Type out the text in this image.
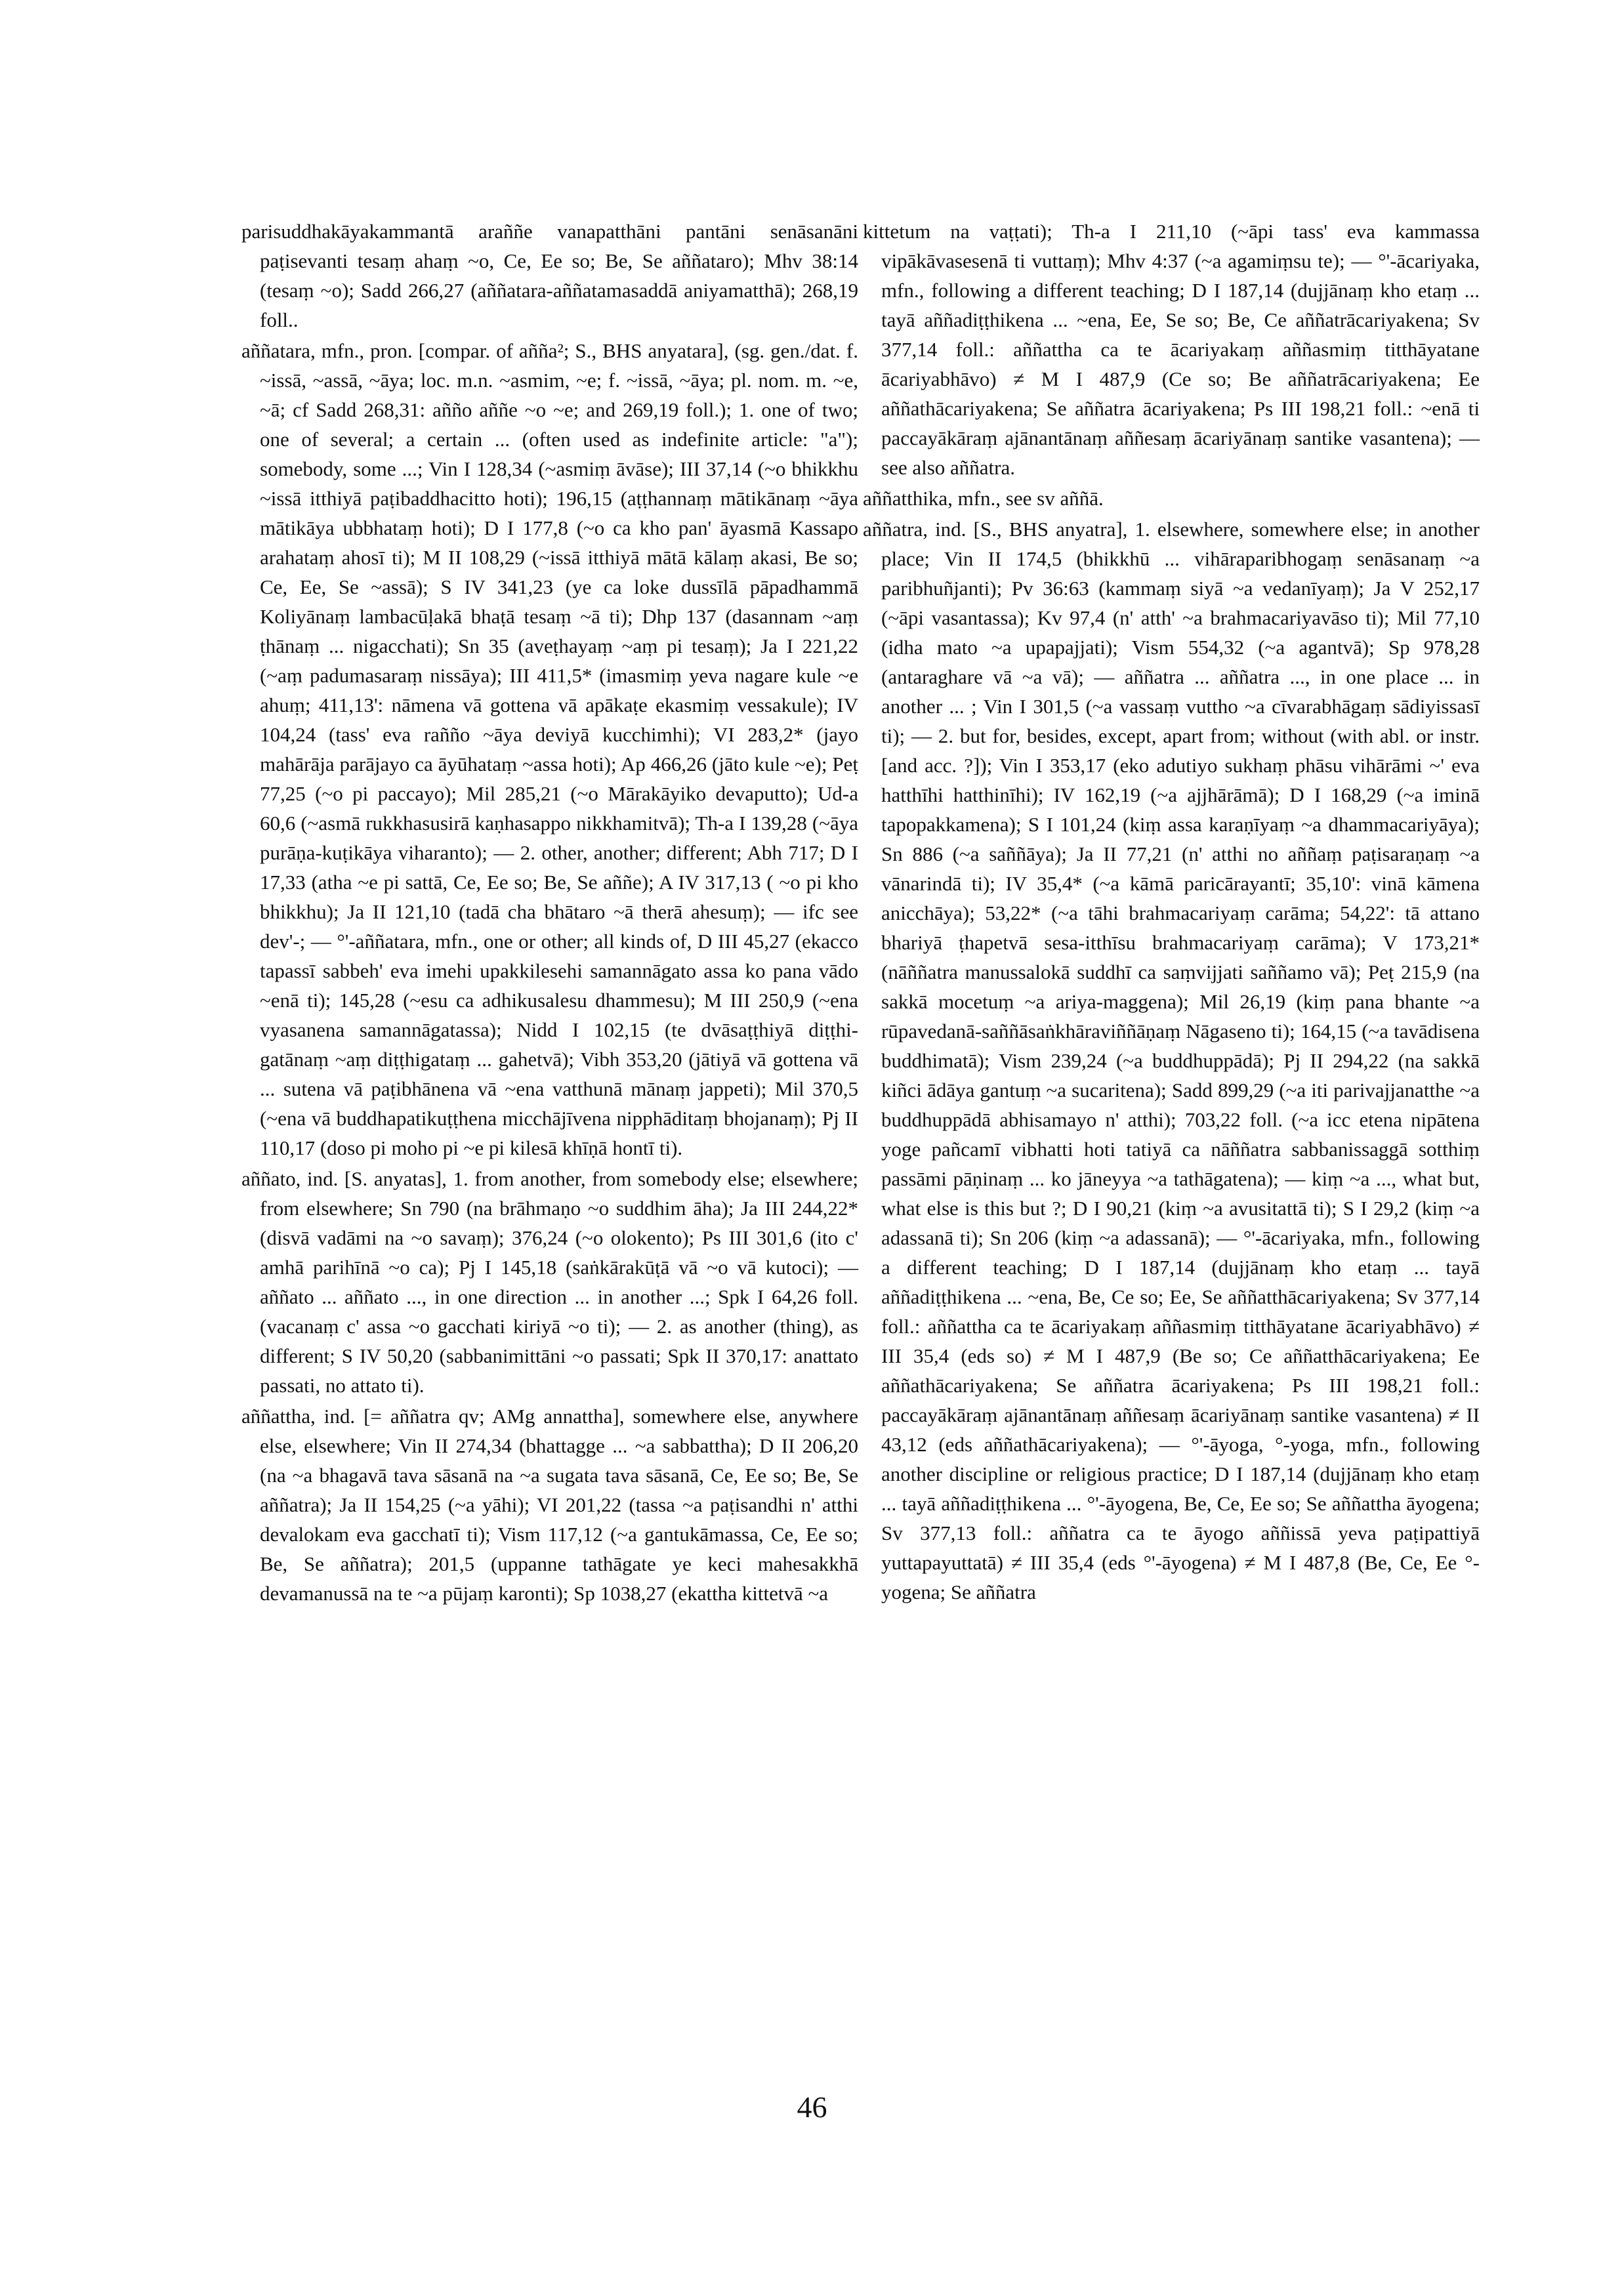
parisuddhakāyakammantā araññe vanapatthāni pantāni senāsanāni paṭisevanti tesaṃ ahaṃ ~o, Ce, Ee so; Be, Se aññataro); Mhv 38:14 (tesaṃ ~o); Sadd 266,27 (aññatara-aññatamasaddā aniyamatthā); 268,19 foll..

aññatara, mfn., pron. [compar. of añña²; S., BHS anyatara], (sg. gen./dat. f. ~issā, ~assā, ~āya; loc. m.n. ~asmim, ~e; f. ~issā, ~āya; pl. nom. m. ~e, ~ā; cf Sadd 268,31: añño aññe ~o ~e; and 269,19 foll.); 1. one of two; one of several; a certain ... (often used as indefinite article: "a"); somebody, some ...; Vin I 128,34 (~asmiṃ āvāse); III 37,14 (~o bhikkhu ~issā itthiyā paṭibaddhacitto hoti); 196,15 (aṭṭhannaṃ mātikānaṃ ~āya mātikāya ubbhataṃ hoti); D I 177,8 (~o ca kho pan' āyasmā Kassapo arahataṃ ahosī ti); M II 108,29 (~issā itthiyā mātā kālaṃ akasi, Be so; Ce, Ee, Se ~assā); S IV 341,23 (ye ca loke dussīlā pāpadhammā Koliyānaṃ lambacūḷakā bhaṭā tesaṃ ~ā ti); Dhp 137 (dasannam ~aṃ ṭhānaṃ ... nigacchati); Sn 35 (aveṭhayaṃ ~aṃ pi tesaṃ); Ja I 221,22 (~aṃ padumasaraṃ nissāya); III 411,5* (imasmiṃ yeva nagare kule ~e ahuṃ; 411,13': nāmena vā gottena vā apākaṭe ekasmiṃ vessakule); IV 104,24 (tass' eva rañño ~āya deviyā kucchimhi); VI 283,2* (jayo mahārāja parājayo ca āyūhataṃ ~assa hoti); Ap 466,26 (jāto kule ~e); Peṭ 77,25 (~o pi paccayo); Mil 285,21 (~o Mārakāyiko devaputto); Ud-a 60,6 (~asmā rukkhasusirā kaṇhasappo nikkhamitvā); Th-a I 139,28 (~āya purāṇa-kuṭikāya viharanto); — 2. other, another; different; Abh 717; D I 17,33 (atha ~e pi sattā, Ce, Ee so; Be, Se aññe); A IV 317,13 ( ~o pi kho bhikkhu); Ja II 121,10 (tadā cha bhātaro ~ā therā ahesuṃ); — ifc see dev'-; — °'-aññatara, mfn., one or other; all kinds of, D III 45,27 (ekacco tapassī sabbeh' eva imehi upakkilesehi samannāgato assa ko pana vādo ~enā ti); 145,28 (~esu ca adhikusalesu dhammesu); M III 250,9 (~ena vyasanena samannāgatassa); Nidd I 102,15 (te dvāsaṭṭhiyā diṭṭhi-gatānaṃ ~aṃ diṭṭhigataṃ ... gahetvā); Vibh 353,20 (jātiyā vā gottena vā ... sutena vā paṭibhānena vā ~ena vatthunā mānaṃ jappeti); Mil 370,5 (~ena vā buddhapatikuṭṭhena micchājīvena nipphāditaṃ bhojanaṃ); Pj II 110,17 (doso pi moho pi ~e pi kilesā khīṇā hontī ti).

aññato, ind. [S. anyatas], 1. from another, from somebody else; elsewhere; from elsewhere; Sn 790 (na brāhmaṇo ~o suddhim āha); Ja III 244,22* (disvā vadāmi na ~o savaṃ); 376,24 (~o olokento); Ps III 301,6 (ito c' amhā parihīnā ~o ca); Pj I 145,18 (saṅkārakūṭā vā ~o vā kutoci); — aññato ... aññato ..., in one direction ... in another ...; Spk I 64,26 foll. (vacanaṃ c' assa ~o gacchati kiriyā ~o ti); — 2. as another (thing), as different; S IV 50,20 (sabbanimittāni ~o passati; Spk II 370,17: anattato passati, no attato ti).

aññattha, ind. [= aññatra qv; AMg annattha], somewhere else, anywhere else, elsewhere; Vin II 274,34 (bhattagge ... ~a sabbattha); D II 206,20 (na ~a bhagavā tava sāsanā na ~a sugata tava sāsanā, Ce, Ee so; Be, Se aññatra); Ja II 154,25 (~a yāhi); VI 201,22 (tassa ~a paṭisandhi n' atthi devalokam eva gacchatī ti); Vism 117,12 (~a gantukāmassa, Ce, Ee so; Be, Se aññatra); 201,5 (uppanne tathāgate ye keci mahesakkhā devamanussā na te ~a pūjaṃ karonti); Sp 1038,27 (ekattha kittetvā ~a

kittetum na vaṭṭati); Th-a I 211,10 (~āpi tass' eva kammassa vipākāvasesenā ti vuttaṃ); Mhv 4:37 (~a agamiṃsu te); — °'-ācariyaka, mfn., following a different teaching; D I 187,14 (dujjānaṃ kho etaṃ ... tayā aññadiṭṭhikena ... ~ena, Ee, Se so; Be, Ce aññatrācariyakena; Sv 377,14 foll.: aññattha ca te ācariyakaṃ aññasmiṃ titthāyatane ācariyabhāvo) ≠ M I 487,9 (Ce so; Be aññatrācariyakena; Ee aññathācariyakena; Se aññatra ācariyakena; Ps III 198,21 foll.: ~enā ti paccayākāraṃ ajānantānaṃ aññesaṃ ācariyānaṃ santike vasantena); — see also aññatra.

aññatthika, mfn., see sv aññā.

aññatra, ind. [S., BHS anyatra], 1. elsewhere, somewhere else; in another place; Vin II 174,5 (bhikkhū ... vihāraparibhogaṃ senāsanaṃ ~a paribhuñjanti); Pv 36:63 (kammaṃ siyā ~a vedanīyaṃ); Ja V 252,17 (~āpi vasantassa); Kv 97,4 (n' atth' ~a brahmacariyavāso ti); Mil 77,10 (idha mato ~a upapajjati); Vism 554,32 (~a agantvā); Sp 978,28 (antaraghare vā ~a vā); — aññatra ... aññatra ..., in one place ... in another ... ; Vin I 301,5 (~a vassaṃ vuttho ~a cīvarabhāgaṃ sādiyissasī ti); — 2. but for, besides, except, apart from; without (with abl. or instr. [and acc. ?]); Vin I 353,17 (eko adutiyo sukhaṃ phāsu vihārāmi ~' eva hatthīhi hatthinīhi); IV 162,19 (~a ajjhārāmā); D I 168,29 (~a iminā tapopakkamena); S I 101,24 (kiṃ assa karaṇīyaṃ ~a dhammacariyāya); Sn 886 (~a saññāya); Ja II 77,21 (n' atthi no aññaṃ paṭisaraṇaṃ ~a vānarindā ti); IV 35,4* (~a kāmā paricārayantī; 35,10': vinā kāmena anicchāya); 53,22* (~a tāhi brahmacariyaṃ carāma; 54,22': tā attano bhariyā ṭhapetvā sesa-itthīsu brahmacariyaṃ carāma); V 173,21* (nāññatra manussalokā suddhī ca saṃvijjati saññamo vā); Peṭ 215,9 (na sakkā mocetuṃ ~a ariya-maggena); Mil 26,19 (kiṃ pana bhante ~a rūpavedanā-saññāsaṅkhāraviññāṇaṃ Nāgaseno ti); 164,15 (~a tavādisena buddhimatā); Vism 239,24 (~a buddhuppādā); Pj II 294,22 (na sakkā kiñci ādāya gantuṃ ~a sucaritena); Sadd 899,29 (~a iti parivajjanatthe ~a buddhuppādā abhisamayo n' atthi); 703,22 foll. (~a icc etena nipātena yoge pañcamī vibhatti hoti tatiyā ca nāññatra sabbanissaggā sotthiṃ passāmi pāṇinaṃ ... ko jāneyya ~a tathāgatena); — kiṃ ~a ..., what but, what else is this but ?; D I 90,21 (kiṃ ~a avusitattā ti); S I 29,2 (kiṃ ~a adassanā ti); Sn 206 (kiṃ ~a adassanā); — °'-ācariyaka, mfn., following a different teaching; D I 187,14 (dujjānaṃ kho etaṃ ... tayā aññadiṭṭhikena ... ~ena, Be, Ce so; Ee, Se aññatthācariyakena; Sv 377,14 foll.: aññattha ca te ācariyakaṃ aññasmiṃ titthāyatane ācariyabhāvo) ≠ III 35,4 (eds so) ≠ M I 487,9 (Be so; Ce aññatthācariyakena; Ee aññathācariyakena; Se aññatra ācariyakena; Ps III 198,21 foll.: paccayākāraṃ ajānantānaṃ aññesaṃ ācariyānaṃ santike vasantena) ≠ II 43,12 (eds aññathācariyakena); — °'-āyoga, °-yoga, mfn., following another discipline or religious practice; D I 187,14 (dujjānaṃ kho etaṃ ... tayā aññadiṭṭhikena ... °'-āyogena, Be, Ce, Ee so; Se aññattha āyogena; Sv 377,13 foll.: aññatra ca te āyogo aññissā yeva paṭipattiyā yuttapayuttatā) ≠ III 35,4 (eds °'-āyogena) ≠ M I 487,8 (Be, Ce, Ee °-yogena; Se aññatra

46
